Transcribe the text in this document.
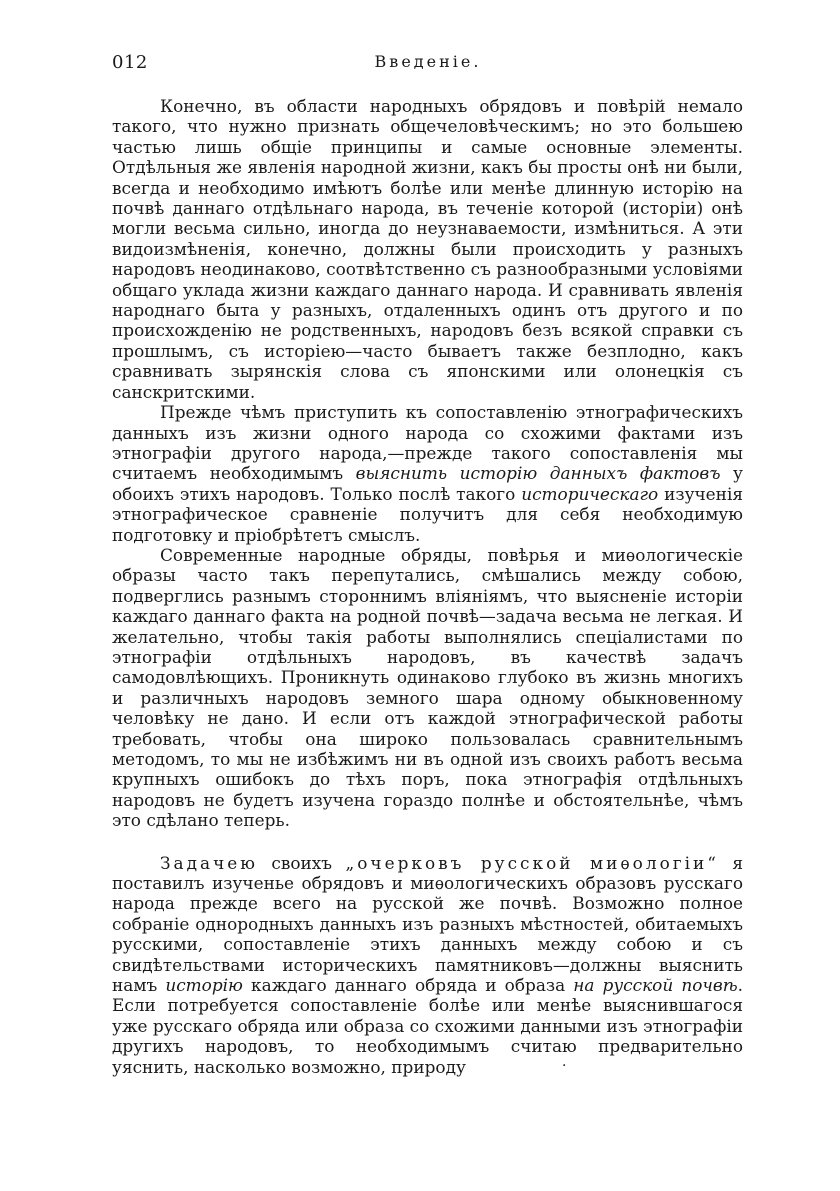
012	Введеніе.

Конечно, въ области народныхъ обрядовъ и повѣрій немало такого, что нужно признать общечеловѣческимъ; но это большею частью лишь общіе принципы и самые основные элементы. Отдѣльныя же явленія народной жизни, какъ бы просты онѣ ни были, всегда и необходимо имѣютъ болѣе или менѣе длинную исторію на почвѣ даннаго отдѣльнаго народа, въ теченіе которой (исторіи) онѣ могли весьма сильно, иногда до неузнаваемости, измѣниться. А эти видоизмѣненія, конечно, должны были происходить у разныхъ народовъ неодинаково, соотвѣтственно съ разнообразными условіями общаго уклада жизни каждаго даннаго народа. И сравнивать явленія народнаго быта у разныхъ, отдаленныхъ одинъ отъ другого и по происхожденію не родственныхъ, народовъ безъ всякой справки съ прошлымъ, съ исторіею—часто бываетъ также безплодно, какъ сравнивать зырянскія слова съ японскими или олонецкія съ санскритскими.

Прежде чѣмъ приступить къ сопоставленію этнографическихъ данныхъ изъ жизни одного народа со схожими фактами изъ этнографіи другого народа,—прежде такого сопоставленія мы считаемъ необходимымъ выяснить исторію данныхъ фактовъ у обоихъ этихъ народовъ. Только послѣ такого историческаго изученія этнографическое сравненіе получитъ для себя необходимую подготовку и пріобрѣтетъ смыслъ.

Современные народные обряды, повѣрья и миѳологическіе образы часто такъ перепутались, смѣшались между собою, подверглись разнымъ стороннимъ вліяніямъ, что выясненіе исторіи каждаго даннаго факта на родной почвѣ—задача весьма не легкая. И желательно, чтобы такія работы выполнялись спеціалистами по этнографіи отдѣльныхъ народовъ, въ качествѣ задачъ самодовлѣющихъ. Проникнуть одинаково глубоко въ жизнь многихъ и различныхъ народовъ земного шара одному обыкновенному человѣку не дано. И если отъ каждой этнографической работы требовать, чтобы она широко пользовалась сравнительнымъ методомъ, то мы не избѣжимъ ни въ одной изъ своихъ работъ весьма крупныхъ ошибокъ до тѣхъ поръ, пока этнографія отдѣльныхъ народовъ не будетъ изучена гораздо полнѣе и обстоятельнѣе, чѣмъ это сдѣлано теперь.

Задачею своихъ „очерковъ русской миѳологіи“ я поставилъ изученье обрядовъ и миѳологическихъ образовъ русскаго народа прежде всего на русской же почвѣ. Возможно полное собраніе однородныхъ данныхъ изъ разныхъ мѣстностей, обитаемыхъ русскими, сопоставленіе этихъ данныхъ между собою и съ свидѣтельствами историческихъ памятниковъ—должны выяснить намъ исторію каждаго даннаго обряда и образа на русской почвѣ. Если потребуется сопоставленіе болѣе или менѣе выяснившагося уже русскаго обряда или образа со схожими данными изъ этнографіи другихъ народовъ, то необходимымъ считаю предварительно уяснить, насколько возможно, природу	·
